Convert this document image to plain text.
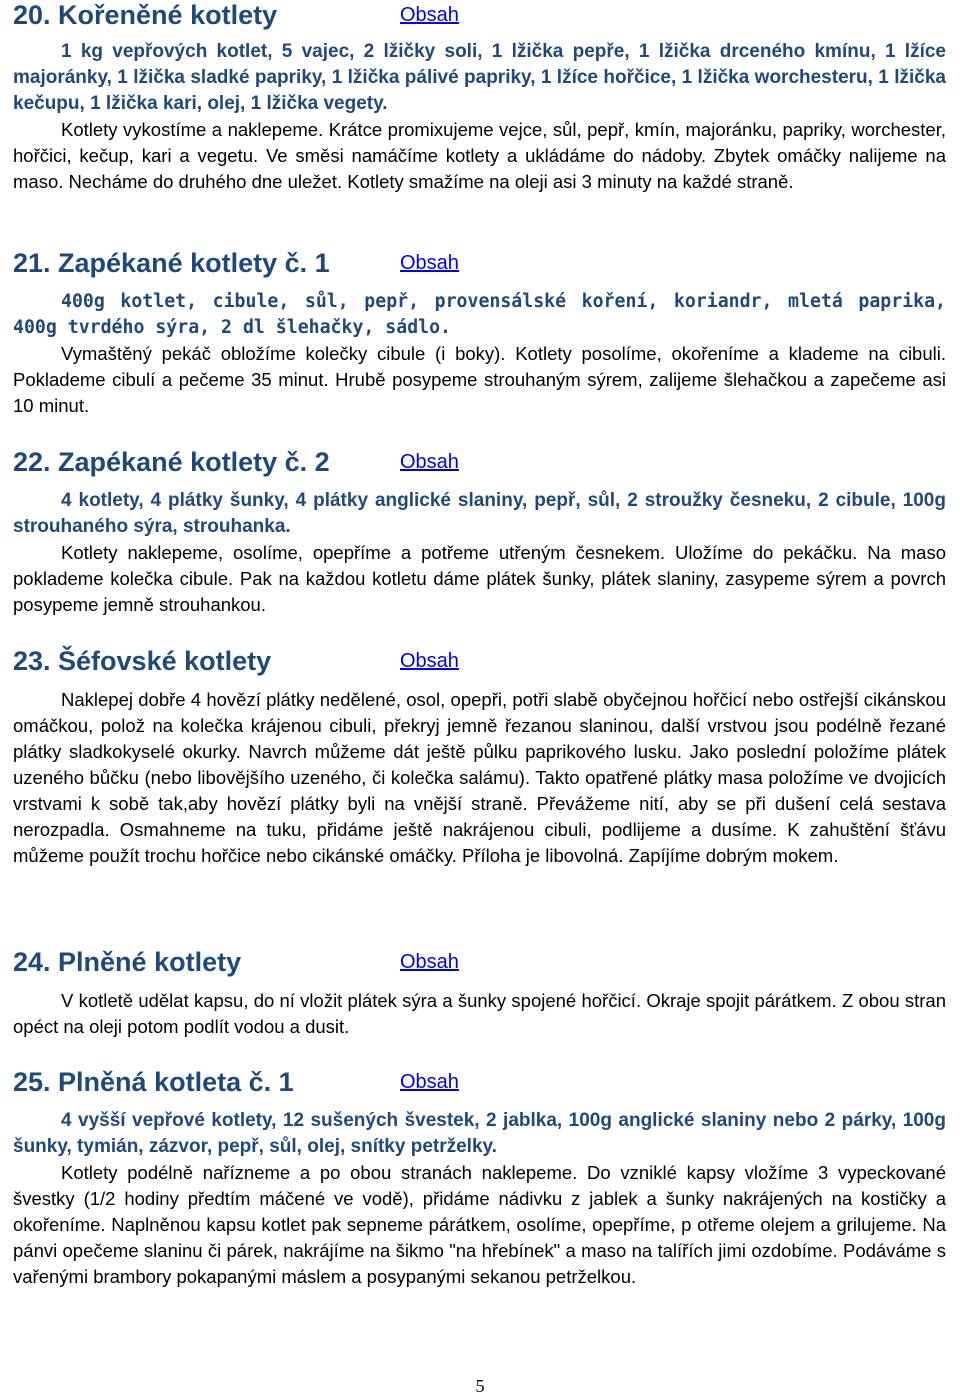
20. Kořeněné kotlety	Obsah
1 kg vepřových kotlet, 5 vajec, 2 lžičky soli, 1 lžička pepře, 1 lžička drceného kmínu, 1 lžíce majoránky, 1 lžička sladké papriky, 1 lžička pálivé papriky, 1 lžíce hořčice, 1 lžička worchesteru, 1 lžička kečupu, 1 lžička kari, olej, 1 lžička vegety.
Kotlety vykostíme a naklepeme. Krátce promixujeme vejce, sůl, pepř, kmín, majoránku, papriky, worchester, hořčici, kečup, kari a vegetu. Ve směsi namáčíme kotlety a ukládáme do nádoby. Zbytek omáčky nalijeme na maso. Necháme do druhého dne uležet. Kotlety smažíme na oleji asi 3 minuty na každé straně.
21. Zapékané kotlety č. 1	Obsah
400g kotlet, cibule, sůl, pepř, provensálské koření, koriandr, mletá paprika, 400g tvrdého sýra, 2 dl šlehačky, sádlo.
Vymaštěný pekáč obložíme kolečky cibule (i boky). Kotlety posolíme, okořeníme a klademe na cibuli. Poklademe cibulí a pečeme 35 minut. Hrubě posypeme strouhaným sýrem, zalijeme šlehačkou a zapečeme asi 10 minut.
22. Zapékané kotlety č. 2	Obsah
4 kotlety, 4 plátky šunky, 4 plátky anglické slaniny, pepř, sůl, 2 stroužky česneku, 2 cibule, 100g strouhaného sýra, strouhanka.
Kotlety naklepeme, osolíme, opepříme a potřeme utřeným česnekem. Uložíme do pekáčku. Na maso poklademe kolečka cibule. Pak na každou kotletu dáme plátek šunky, plátek slaniny, zasypeme sýrem a povrch posypeme jemně strouhankou.
23. Šéfovské kotlety	Obsah
Naklepej dobře 4 hovězí plátky nedělené, osol, opepři, potři slabě obyčejnou hořčicí nebo ostřejší cikánskou omáčkou, polož na kolečka krájenou cibuli, překryj jemně řezanou slaninou, další vrstvou jsou podélně řezané plátky sladkokyselé okurky. Navrch můžeme dát ještě půlku paprikového lusku. Jako poslední položíme plátek uzeného bůčku (nebo libovějšího uzeného, či kolečka salámu). Takto opatřené plátky masa položíme ve dvojicích vrstvami k sobě tak,aby hovězí plátky byli na vnější straně. Převážeme nití, aby se při dušení celá sestava nerozpadla. Osmahneme na tuku, přidáme ještě nakrájenou cibuli, podlijeme a dusíme. K zahuštění šťávu můžeme použít trochu hořčice nebo cikánské omáčky. Příloha je libovolná. Zapíjíme dobrým mokem.
24. Plněné kotlety	Obsah
V kotletě udělat kapsu, do ní vložit plátek sýra a šunky spojené hořčicí. Okraje spojit párátkem. Z obou stran opéct na oleji potom podlít vodou a dusit.
25. Plněná kotleta č. 1	Obsah
4 vyšší vepřové kotlety, 12 sušených švestek, 2 jablka, 100g anglické slaniny nebo 2 párky, 100g šunky, tymián, zázvor, pepř, sůl, olej, snítky petrželky.
Kotlety podélně nařízneme a po obou stranách naklepeme. Do vzniklé kapsy vložíme 3 vypeckované švestky (1/2 hodiny předtím máčené ve vodě), přidáme nádivku z jablek a šunky nakrájených na kostičky a okořeníme. Naplněnou kapsu kotlet pak sepneme párátkem, osolíme, opepříme, p otřeme olejem a grilujeme. Na pánvi opečeme slaninu či párek, nakrájíme na šikmo "na hřebínek" a maso na talířích jimi ozdobíme. Podáváme s vařenými brambory pokapanými máslem a posypanými sekanou petrželkou.
5
